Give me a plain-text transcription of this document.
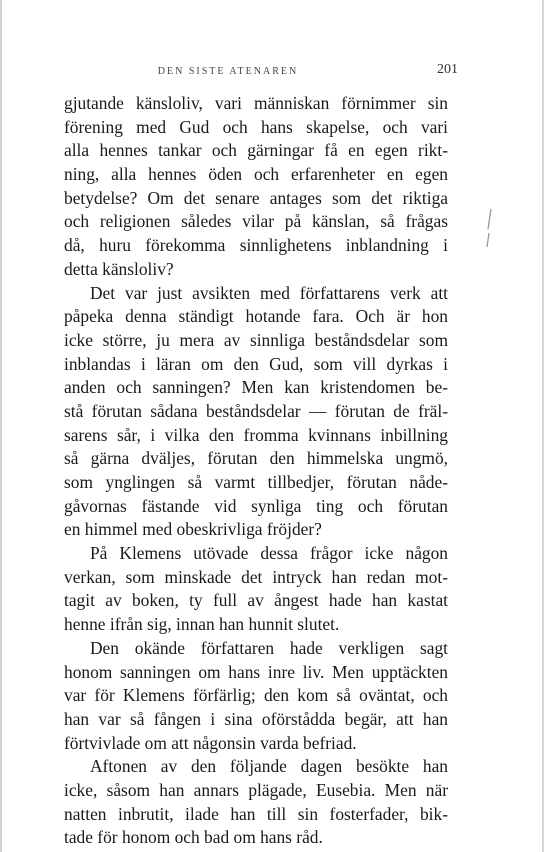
DEN SISTE ATENAREN	201
gjutande känsloliv, vari människan förnimmer sin
förening med Gud och hans skapelse, och vari
alla hennes tankar och gärningar få en egen rikt-
ning, alla hennes öden och erfarenheter en egen
betydelse? Om det senare antages som det riktiga
och religionen således vilar på känslan, så frågas
då, huru förekomma sinnlighetens inblandning i
detta känsloliv?
Det var just avsikten med författarens verk att
påpeka denna ständigt hotande fara. Och är hon
icke större, ju mera av sinnliga beståndsdelar som
inblandas i läran om den Gud, som vill dyrkas i
anden och sanningen? Men kan kristendomen be-
stå förutan sådana beståndsdelar — förutan de fräl-
sarens sår, i vilka den fromma kvinnans inbillning
så gärna dväljes, förutan den himmelska ungmö,
som ynglingen så varmt tillbedjer, förutan nåde-
gåvornas fästande vid synliga ting och förutan
en himmel med obeskrivliga fröjder?
På Klemens utövade dessa frågor icke någon
verkan, som minskade det intryck han redan mot-
tagit av boken, ty full av ångest hade han kastat
henne ifrån sig, innan han hunnit slutet.
Den okände författaren hade verkligen sagt
honom sanningen om hans inre liv. Men upptäckten
var för Klemens förfärlig; den kom så oväntat, och
han var så fången i sina oförstådda begär, att han
förtvivlade om att någonsin varda befriad.
Aftonen av den följande dagen besökte han
icke, såsom han annars plägade, Eusebia. Men när
natten inbrutit, ilade han till sin fosterfader, bik-
tade för honom och bad om hans råd.
